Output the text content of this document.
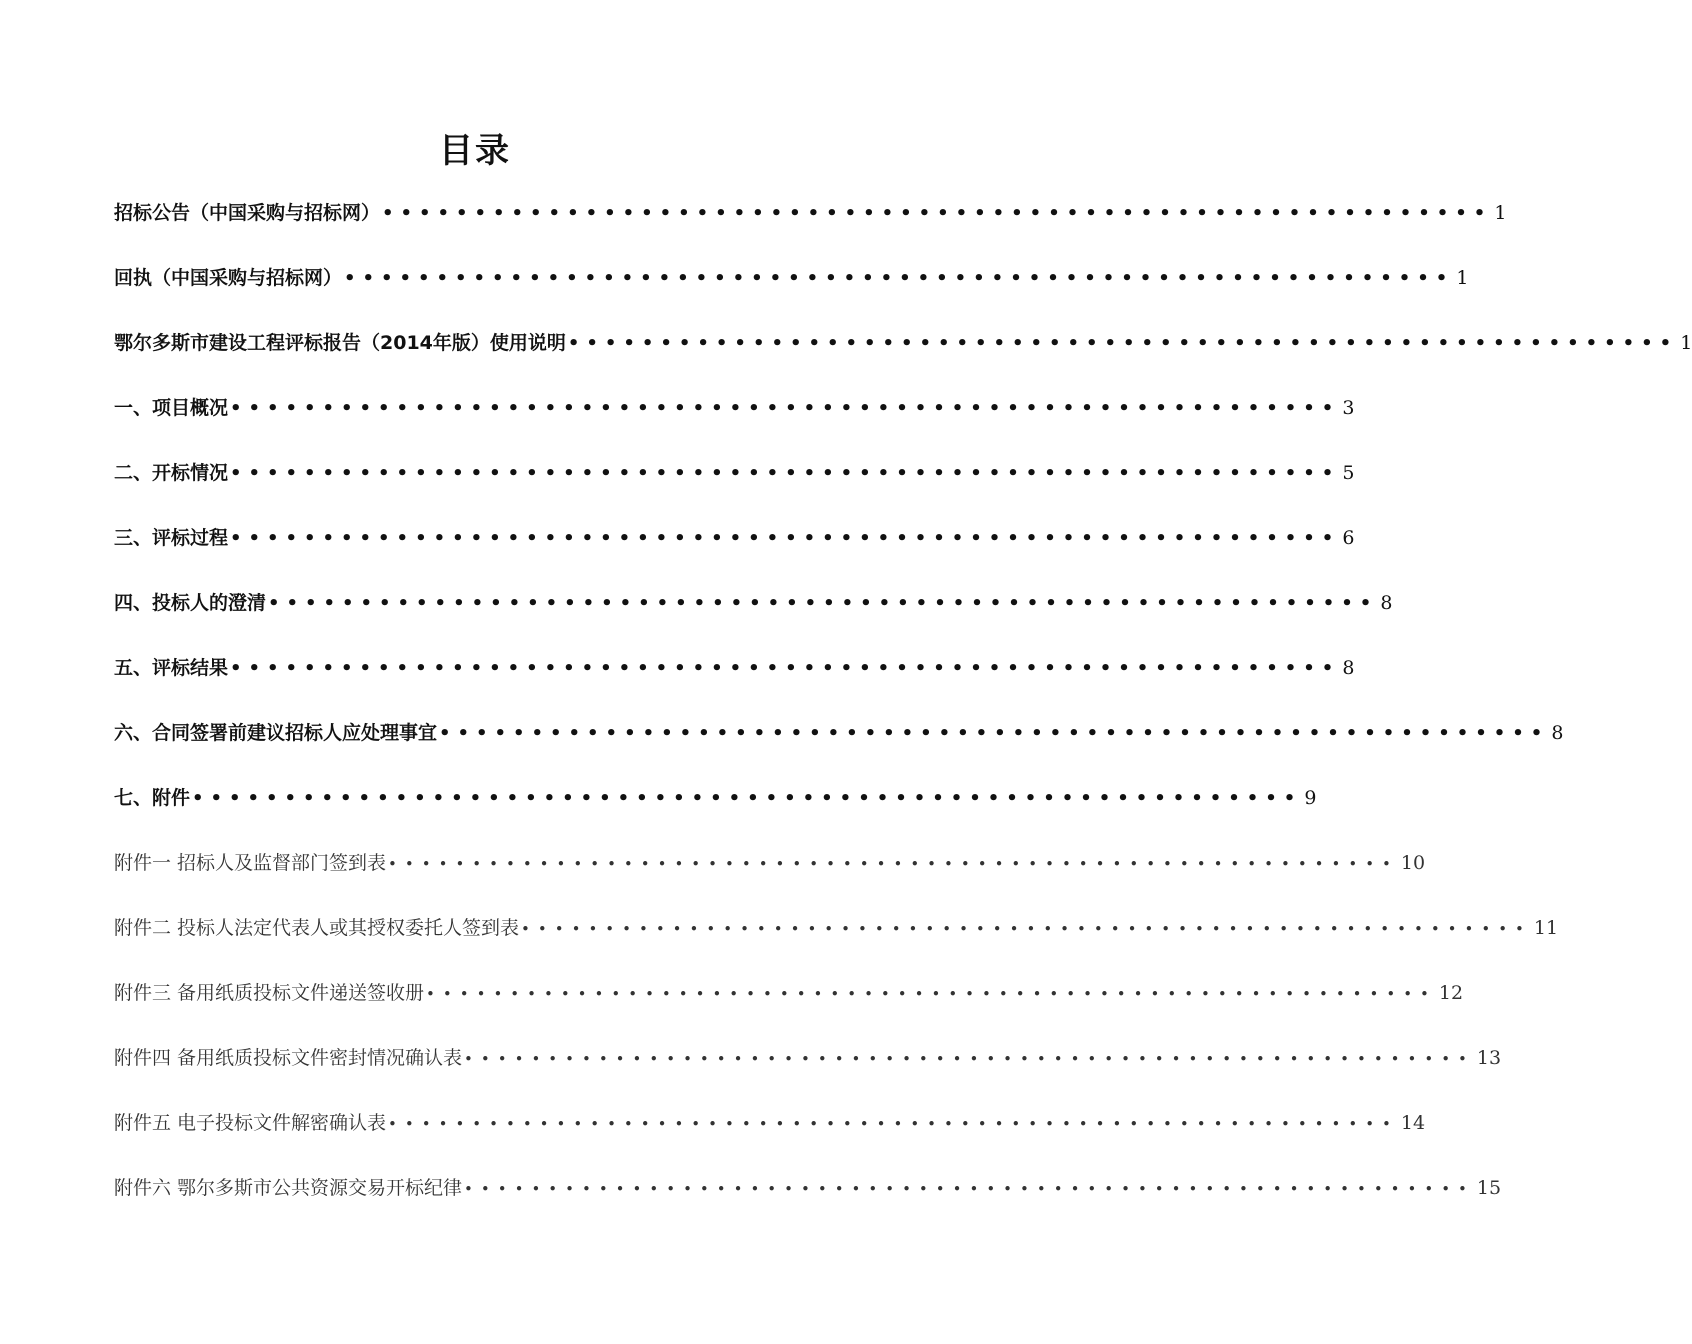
目录
招标公告（中国采购与招标网） •••••••••••••••••••••••••••••••••••••••••••••••••••••••••••• 1
回执（中国采购与招标网） •••••••••••••••••••••••••••••••••••••••••••••••••••••••••••• 1
鄂尔多斯市建设工程评标报告（2014年版）使用说明 •••••••••••••••••••••••••••••••••••••••••••••••••••••••••••• 1
一、项目概况 •••••••••••••••••••••••••••••••••••••••••••••••••••••••••••• 3
二、开标情况 •••••••••••••••••••••••••••••••••••••••••••••••••••••••••••• 5
三、评标过程 •••••••••••••••••••••••••••••••••••••••••••••••••••••••••••• 6
四、投标人的澄清 •••••••••••••••••••••••••••••••••••••••••••••••••••••••••••• 8
五、评标结果 •••••••••••••••••••••••••••••••••••••••••••••••••••••••••••• 8
六、合同签署前建议招标人应处理事宜 •••••••••••••••••••••••••••••••••••••••••••••••••••••••••••• 8
七、附件 •••••••••••••••••••••••••••••••••••••••••••••••••••••••••••• 9
附件一 招标人及监督部门签到表 •••••••••••••••••••••••••••••••••••••••••••••••••••••••••••• 10
附件二 投标人法定代表人或其授权委托人签到表 •••••••••••••••••••••••••••••••••••••••••••••••••••••••••••• 11
附件三 备用纸质投标文件递送签收册 •••••••••••••••••••••••••••••••••••••••••••••••••••••••••••• 12
附件四 备用纸质投标文件密封情况确认表 •••••••••••••••••••••••••••••••••••••••••••••••••••••••••••• 13
附件五 电子投标文件解密确认表 •••••••••••••••••••••••••••••••••••••••••••••••••••••••••••• 14
附件六 鄂尔多斯市公共资源交易开标纪律 •••••••••••••••••••••••••••••••••••••••••••••••••••••••••••• 15
